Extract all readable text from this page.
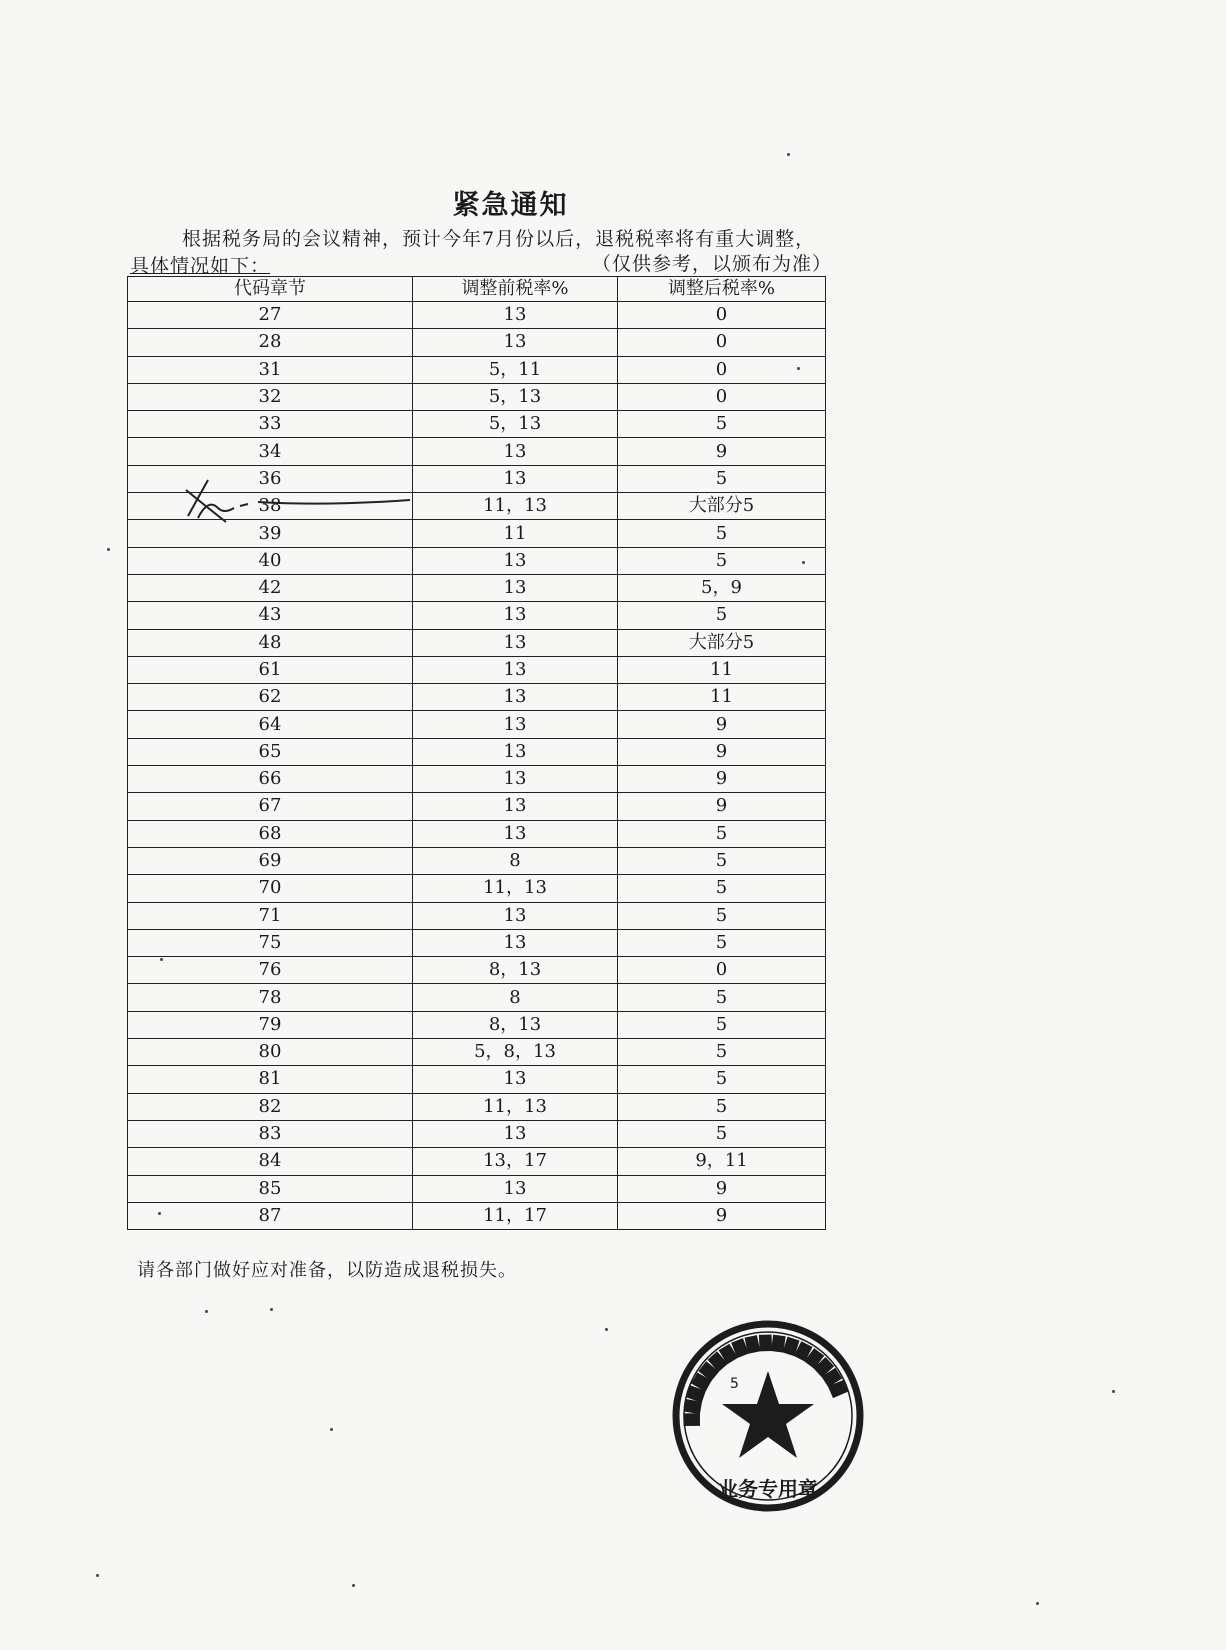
紧急通知
根据税务局的会议精神，预计今年7月份以后，退税税率将有重大调整，
具体情况如下：	（仅供参考，以颁布为准）
代码章节	调整前税率%	调整后税率%
27	13	0
28	13	0
31	5，11	0
32	5，13	0
33	5，13	5
34	13	9
36	13	5
38	11，13	大部分5
39	11	5
40	13	5
42	13	5，9
43	13	5
48	13	大部分5
61	13	11
62	13	11
64	13	9
65	13	9
66	13	9
67	13	9
68	13	5
69	8	5
70	11，13	5
71	13	5
75	13	5
76	8，13	0
78	8	5
79	8，13	5
80	5，8，13	5
81	13	5
82	11，13	5
83	13	5
84	13，17	9，11
85	13	9
87	11，17	9
请各部门做好应对准备，以防造成退税损失。
▇▇▇▇▇▇▇▇▇▇▇▇▇▇▇▇▇
业务专用章
5
